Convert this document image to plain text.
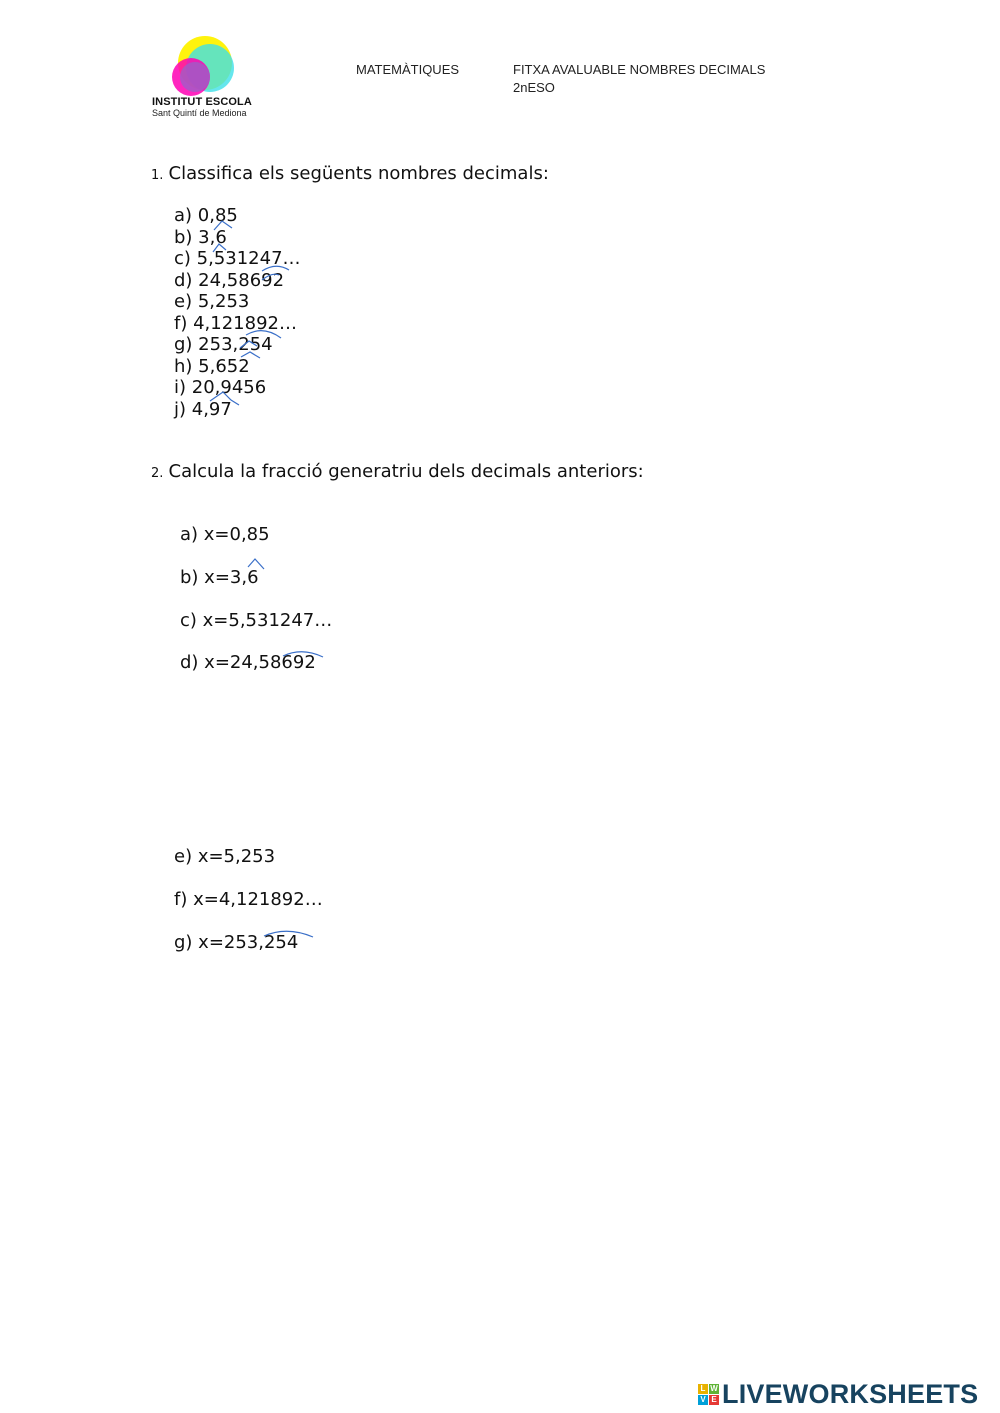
INSTITUT ESCOLA
Sant Quintí de Mediona
MATEMÀTIQUES	FITXA AVALUABLE NOMBRES DECIMALS
2nESO
1. Classifica els següents nombres decimals:
a) 0,85
b) 3,6
c) 5,531247…
d) 24,58692
e) 5,253
f) 4,121892…
g) 253,254
h) 5,652
i) 20,9456
j) 4,97
2. Calcula la fracció generatriu dels decimals anteriors:
a) x=0,85
b) x=3,6
c) x=5,531247…
d) x=24,58692
e) x=5,253
f) x=4,121892…
g) x=253,254
L W
V E LIVEWORKSHEETS
